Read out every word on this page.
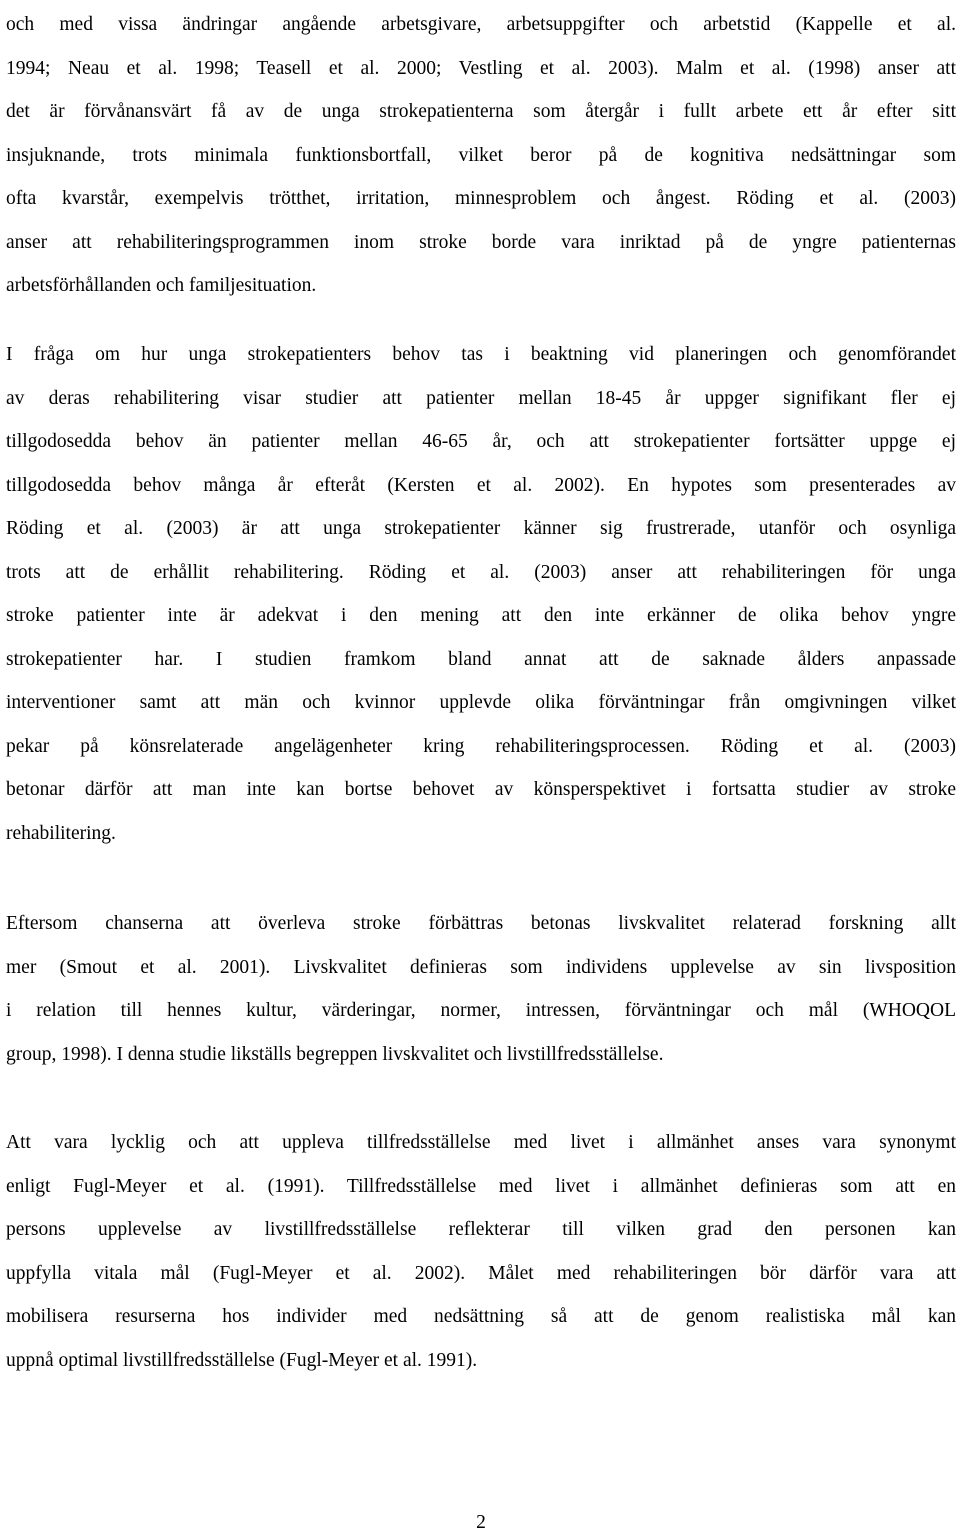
och med vissa ändringar angående arbetsgivare, arbetsuppgifter och arbetstid (Kappelle et al.
1994; Neau et al. 1998; Teasell et al. 2000; Vestling et al. 2003). Malm et al. (1998) anser att
det är förvånansvärt få av de unga strokepatienterna som återgår i fullt arbete ett år efter sitt
insjuknande, trots minimala funktionsbortfall, vilket beror på de kognitiva nedsättningar som
ofta kvarstår, exempelvis trötthet, irritation, minnesproblem och ångest. Röding et al. (2003)
anser att rehabiliteringsprogrammen inom stroke borde vara inriktad på de yngre patienternas
arbetsförhållanden och familjesituation.
I fråga om hur unga strokepatienters behov tas i beaktning vid planeringen och genomförandet
av deras rehabilitering visar studier att patienter mellan 18-45 år uppger signifikant fler ej
tillgodosedda behov än patienter mellan 46-65 år, och att strokepatienter fortsätter uppge ej
tillgodosedda behov många år efteråt (Kersten et al. 2002). En hypotes som presenterades av
Röding et al. (2003) är att unga strokepatienter känner sig frustrerade, utanför och osynliga
trots att de erhållit rehabilitering. Röding et al. (2003) anser att rehabiliteringen för unga
stroke patienter inte är adekvat i den mening att den inte erkänner de olika behov yngre
strokepatienter har. I studien framkom bland annat att de saknade ålders anpassade
interventioner samt att män och kvinnor upplevde olika förväntningar från omgivningen vilket
pekar på könsrelaterade angelägenheter kring rehabiliteringsprocessen. Röding et al. (2003)
betonar därför att man inte kan bortse behovet av könsperspektivet i fortsatta studier av stroke
rehabilitering.
Eftersom chanserna att överleva stroke förbättras betonas livskvalitet relaterad forskning allt
mer (Smout et al. 2001). Livskvalitet definieras som individens upplevelse av sin livsposition
i relation till hennes kultur, värderingar, normer, intressen, förväntningar och mål (WHOQOL
group, 1998). I denna studie likställs begreppen livskvalitet och livstillfredsställelse.
Att vara lycklig och att uppleva tillfredsställelse med livet i allmänhet anses vara synonymt
enligt Fugl-Meyer et al. (1991). Tillfredsställelse med livet i allmänhet definieras som att en
persons upplevelse av livstillfredsställelse reflekterar till vilken grad den personen kan
uppfylla vitala mål (Fugl-Meyer et al. 2002). Målet med rehabiliteringen bör därför vara att
mobilisera resurserna hos individer med nedsättning så att de genom realistiska mål kan
uppnå optimal livstillfredsställelse (Fugl-Meyer et al. 1991).
2
